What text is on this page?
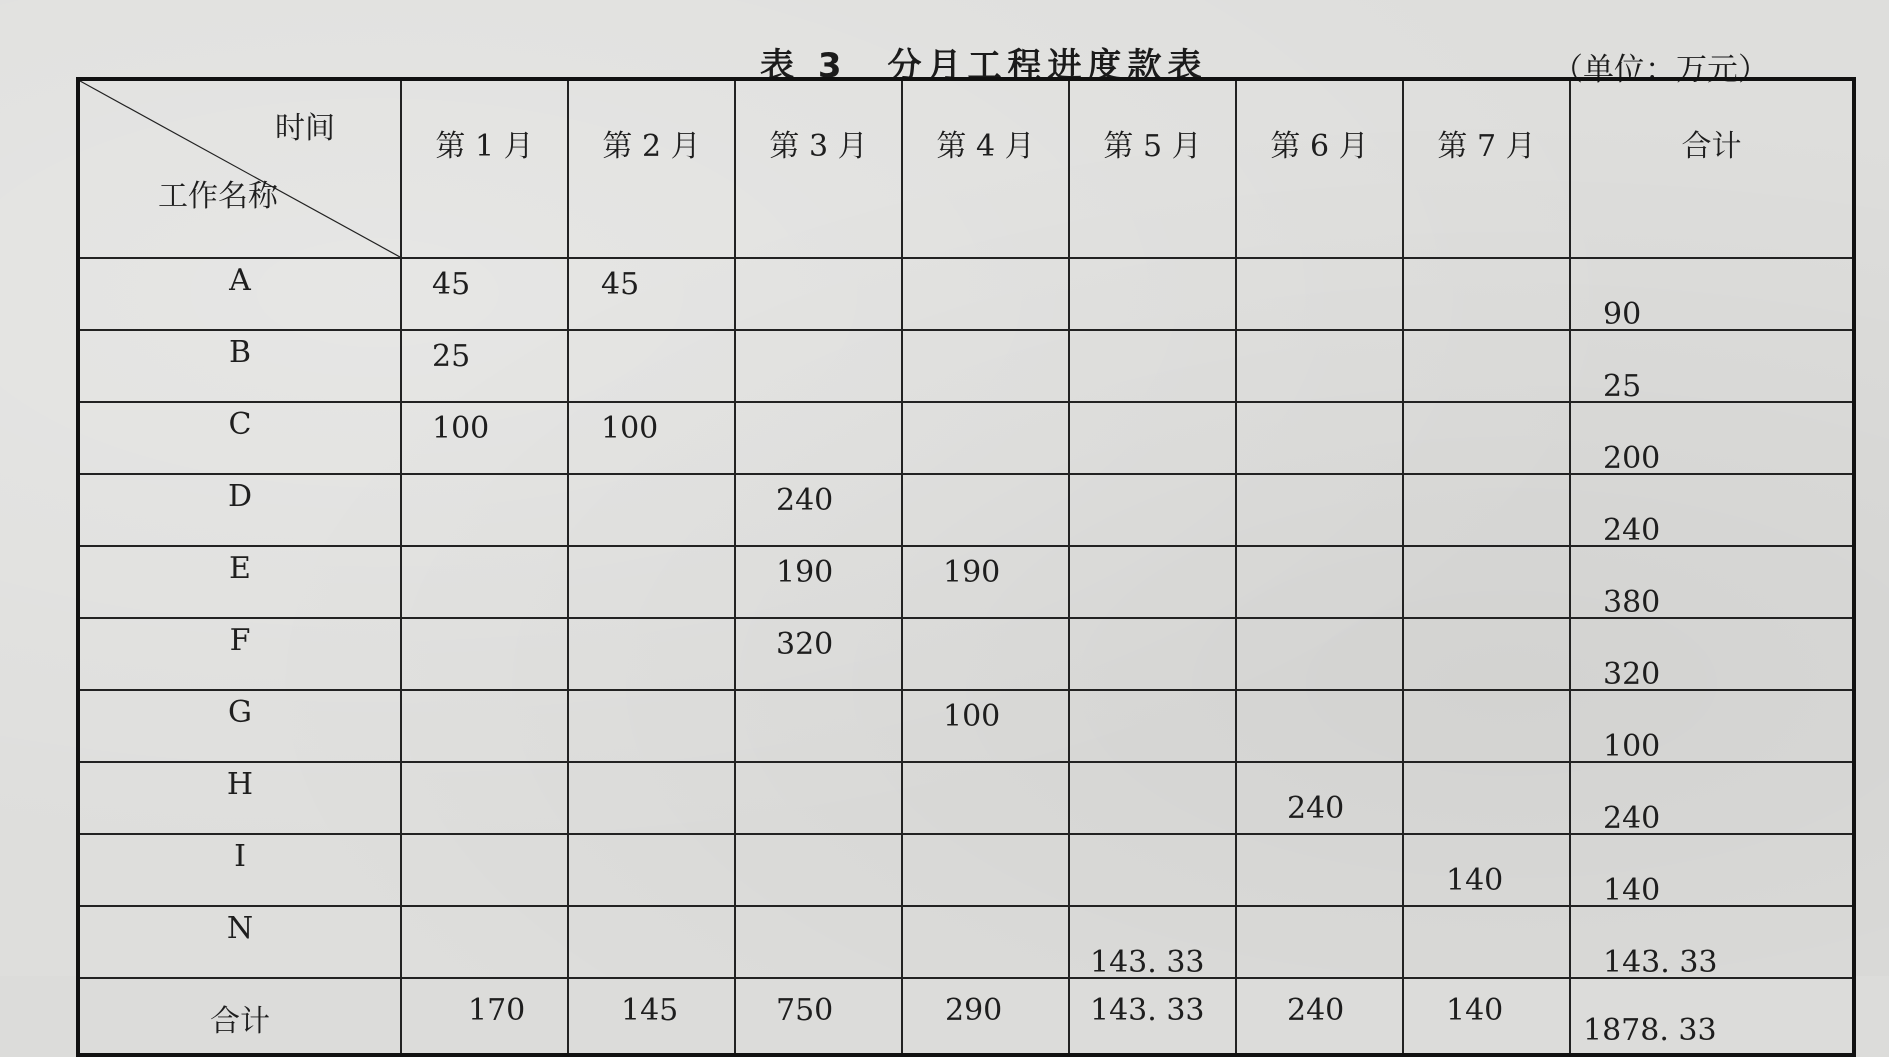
表 3　分月工程进度款表	（单位：万元）
时间
工作名称	第 1 月	第 2 月	第 3 月	第 4 月	第 5 月	第 6 月	第 7 月	合计
A	45	45						90

B	25							25

C	100	100						200

D			240					240

E			190	190				380

F			320					320

G				100				100

H						240		240

I							140	140

N					143. 33			143. 33

合计	170	145	750	290	143. 33	240	140	1878. 33
